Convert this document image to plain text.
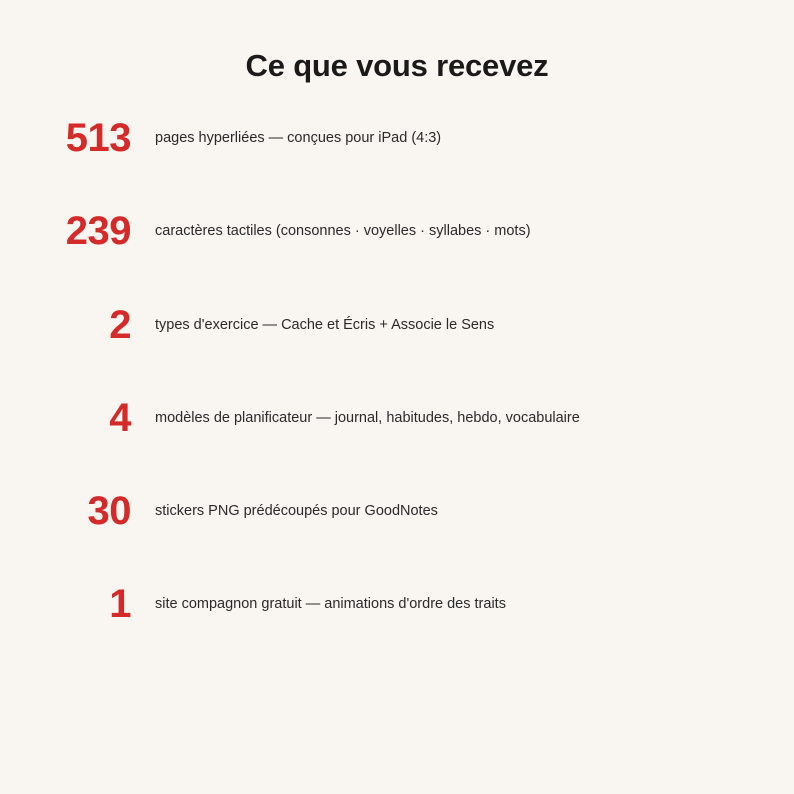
Ce que vous recevez
513 pages hyperliées — conçues pour iPad (4:3)
239 caractères tactiles (consonnes · voyelles · syllabes · mots)
2 types d'exercice — Cache et Écris + Associe le Sens
4 modèles de planificateur — journal, habitudes, hebdo, vocabulaire
30 stickers PNG prédécoupés pour GoodNotes
1 site compagnon gratuit — animations d'ordre des traits
